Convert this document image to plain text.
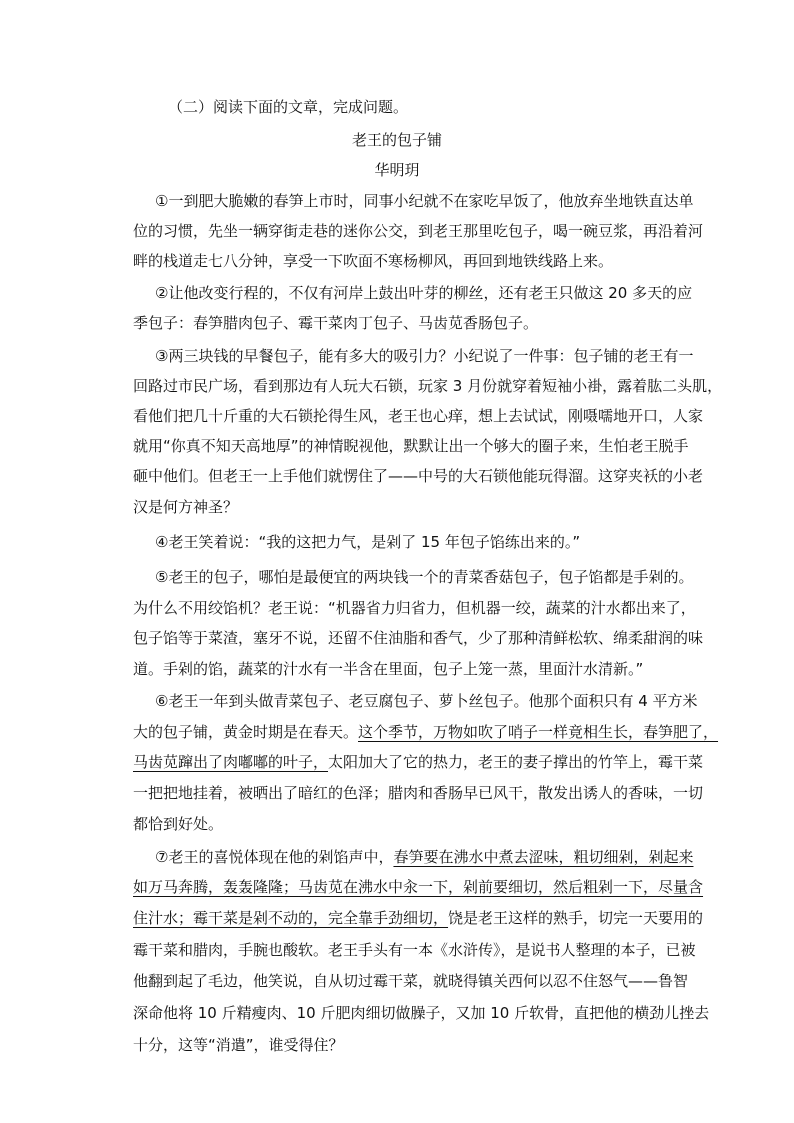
（二）阅读下面的文章，完成问题。
老王的包子铺
华明玥
①一到肥大脆嫩的春笋上市时，同事小纪就不在家吃早饭了，他放弃坐地铁直达单
位的习惯，先坐一辆穿街走巷的迷你公交，到老王那里吃包子，喝一碗豆浆，再沿着河
畔的栈道走七八分钟，享受一下吹面不寒杨柳风，再回到地铁线路上来。
②让他改变行程的，不仅有河岸上鼓出叶芽的柳丝，还有老王只做这 20 多天的应
季包子：春笋腊肉包子、霉干菜肉丁包子、马齿苋香肠包子。
③两三块钱的早餐包子，能有多大的吸引力？小纪说了一件事：包子铺的老王有一
回路过市民广场，看到那边有人玩大石锁，玩家 3 月份就穿着短袖小褂，露着肱二头肌，
看他们把几十斤重的大石锁抡得生风，老王也心痒，想上去试试，刚嗫嚅地开口，人家
就用“你真不知天高地厚”的神情睨视他，默默让出一个够大的圈子来，生怕老王脱手
砸中他们。但老王一上手他们就愣住了——中号的大石锁他能玩得溜。这穿夹袄的小老
汉是何方神圣？
④老王笑着说：“我的这把力气，是剁了 15 年包子馅练出来的。”
⑤老王的包子，哪怕是最便宜的两块钱一个的青菜香菇包子，包子馅都是手剁的。
为什么不用绞馅机？老王说：“机器省力归省力，但机器一绞，蔬菜的汁水都出来了，
包子馅等于菜渣，塞牙不说，还留不住油脂和香气，少了那种清鲜松软、绵柔甜润的味
道。手剁的馅，蔬菜的汁水有一半含在里面，包子上笼一蒸，里面汁水清新。”
⑥老王一年到头做青菜包子、老豆腐包子、萝卜丝包子。他那个面积只有 4 平方米
大的包子铺，黄金时期是在春天。这个季节，万物如吹了哨子一样竟相生长，春笋肥了，
马齿苋蹿出了肉嘟嘟的叶子，太阳加大了它的热力，老王的妻子撑出的竹竿上，霉干菜
一把把地挂着，被晒出了暗红的色泽；腊肉和香肠早已风干，散发出诱人的香味，一切
都恰到好处。
⑦老王的喜悦体现在他的剁馅声中，春笋要在沸水中煮去涩味，粗切细剁，剁起来
如万马奔腾，轰轰隆隆；马齿苋在沸水中汆一下，剁前要细切，然后粗剁一下，尽量含
住汁水；霉干菜是剁不动的，完全靠手劲细切，饶是老王这样的熟手，切完一天要用的
霉干菜和腊肉，手腕也酸软。老王手头有一本《水浒传》，是说书人整理的本子，已被
他翻到起了毛边，他笑说，自从切过霉干菜，就晓得镇关西何以忍不住怒气——鲁智
深命他将 10 斤精瘦肉、10 斤肥肉细切做臊子，又加 10 斤软骨，直把他的横劲儿挫去
十分，这等“消遣”，谁受得住？
